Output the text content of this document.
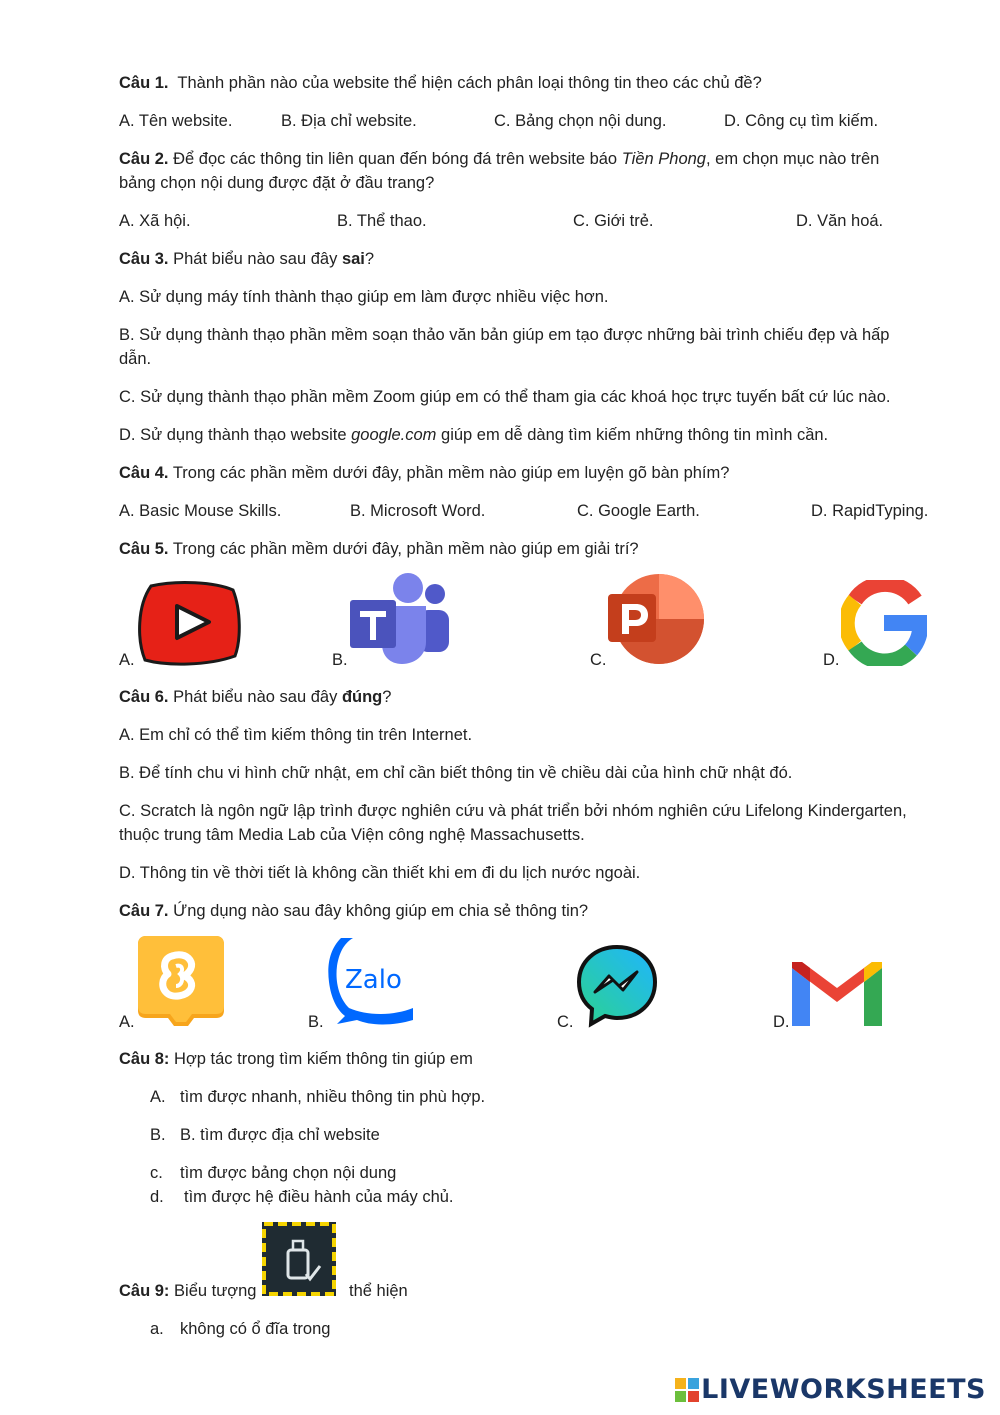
Câu 1. Thành phần nào của website thể hiện cách phân loại thông tin theo các chủ đề?
A. Tên website.	B. Địa chỉ website.	C. Bảng chọn nội dung.	D. Công cụ tìm kiếm.
Câu 2. Để đọc các thông tin liên quan đến bóng đá trên website báo Tiền Phong, em chọn mục nào trên
bảng chọn nội dung được đặt ở đầu trang?
A. Xã hội.	B. Thể thao.	C. Giới trẻ.	D. Văn hoá.
Câu 3. Phát biểu nào sau đây sai?
A. Sử dụng máy tính thành thạo giúp em làm được nhiều việc hơn.
B. Sử dụng thành thạo phần mềm soạn thảo văn bản giúp em tạo được những bài trình chiếu đẹp và hấp
dẫn.
C. Sử dụng thành thạo phần mềm Zoom giúp em có thể tham gia các khoá học trực tuyến bất cứ lúc nào.
D. Sử dụng thành thạo website google.com giúp em dễ dàng tìm kiếm những thông tin mình cần.
Câu 4. Trong các phần mềm dưới đây, phần mềm nào giúp em luyện gõ bàn phím?
A. Basic Mouse Skills.	B. Microsoft Word.	C. Google Earth.	D. RapidTyping.
Câu 5. Trong các phần mềm dưới đây, phần mềm nào giúp em giải trí?
A.	B.	C.	D.
Câu 6. Phát biểu nào sau đây đúng?
A. Em chỉ có thể tìm kiếm thông tin trên Internet.
B. Để tính chu vi hình chữ nhật, em chỉ cần biết thông tin về chiều dài của hình chữ nhật đó.
C. Scratch là ngôn ngữ lập trình được nghiên cứu và phát triển bởi nhóm nghiên cứu Lifelong Kindergarten,
thuộc trung tâm Media Lab của Viện công nghệ Massachusetts.
D. Thông tin về thời tiết là không cần thiết khi em đi du lịch nước ngoài.
Câu 7. Ứng dụng nào sau đây không giúp em chia sẻ thông tin?
A.	B.
Zalo
C.	D.
Câu 8: Hợp tác trong tìm kiếm thông tin giúp em
A. tìm được nhanh, nhiều thông tin phù hợp.
B. B. tìm được địa chỉ website
c. tìm được bảng chọn nội dung
d. tìm được hệ điều hành của máy chủ.
Câu 9: Biểu tượng	thể hiện
a. không có ổ đĩa trong
LIVEWORKSHEETS
